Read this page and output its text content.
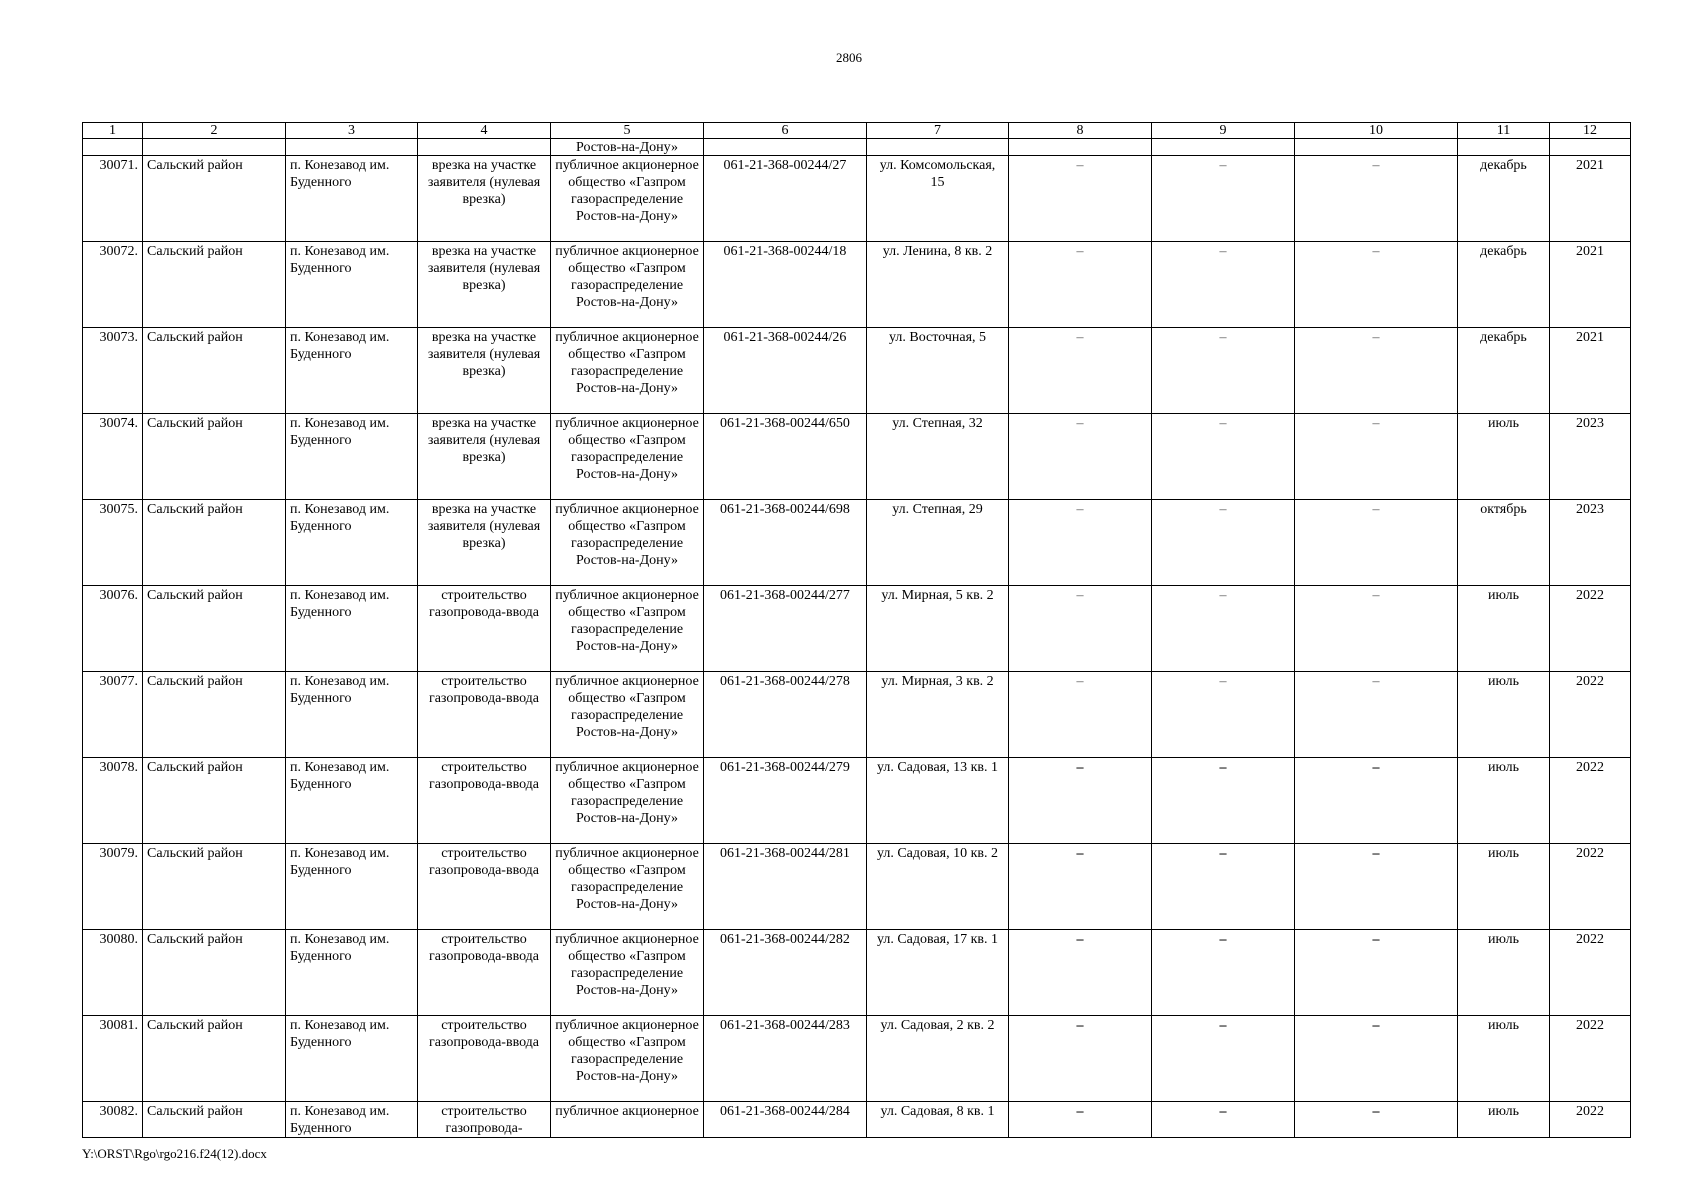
2806
1	2	3	4	5	6	7	8	9	10	11	12
				Ростов-на-Дону»							
30071.	Сальский район	п. Конезавод им. Буденного	врезка на участке заявителя (нулевая врезка)	публичное акционерное общество «Газпром газораспределение Ростов-на-Дону»	061-21-368-00244/27	ул. Комсомольская, 15	–	–	–	декабрь	2021
30072.	Сальский район	п. Конезавод им. Буденного	врезка на участке заявителя (нулевая врезка)	публичное акционерное общество «Газпром газораспределение Ростов-на-Дону»	061-21-368-00244/18	ул. Ленина, 8 кв. 2	–	–	–	декабрь	2021
30073.	Сальский район	п. Конезавод им. Буденного	врезка на участке заявителя (нулевая врезка)	публичное акционерное общество «Газпром газораспределение Ростов-на-Дону»	061-21-368-00244/26	ул. Восточная, 5	–	–	–	декабрь	2021
30074.	Сальский район	п. Конезавод им. Буденного	врезка на участке заявителя (нулевая врезка)	публичное акционерное общество «Газпром газораспределение Ростов-на-Дону»	061-21-368-00244/650	ул. Степная, 32	–	–	–	июль	2023
30075.	Сальский район	п. Конезавод им. Буденного	врезка на участке заявителя (нулевая врезка)	публичное акционерное общество «Газпром газораспределение Ростов-на-Дону»	061-21-368-00244/698	ул. Степная, 29	–	–	–	октябрь	2023
30076.	Сальский район	п. Конезавод им. Буденного	строительство газопровода-ввода	публичное акционерное общество «Газпром газораспределение Ростов-на-Дону»	061-21-368-00244/277	ул. Мирная, 5 кв. 2	–	–	–	июль	2022
30077.	Сальский район	п. Конезавод им. Буденного	строительство газопровода-ввода	публичное акционерное общество «Газпром газораспределение Ростов-на-Дону»	061-21-368-00244/278	ул. Мирная, 3 кв. 2	–	–	–	июль	2022
30078.	Сальский район	п. Конезавод им. Буденного	строительство газопровода-ввода	публичное акционерное общество «Газпром газораспределение Ростов-на-Дону»	061-21-368-00244/279	ул. Садовая, 13 кв. 1	–	–	–	июль	2022
30079.	Сальский район	п. Конезавод им. Буденного	строительство газопровода-ввода	публичное акционерное общество «Газпром газораспределение Ростов-на-Дону»	061-21-368-00244/281	ул. Садовая, 10 кв. 2	–	–	–	июль	2022
30080.	Сальский район	п. Конезавод им. Буденного	строительство газопровода-ввода	публичное акционерное общество «Газпром газораспределение Ростов-на-Дону»	061-21-368-00244/282	ул. Садовая, 17 кв. 1	–	–	–	июль	2022
30081.	Сальский район	п. Конезавод им. Буденного	строительство газопровода-ввода	публичное акционерное общество «Газпром газораспределение Ростов-на-Дону»	061-21-368-00244/283	ул. Садовая, 2 кв. 2	–	–	–	июль	2022
30082.	Сальский район	п. Конезавод им. Буденного	строительство газопровода-	публичное акционерное	061-21-368-00244/284	ул. Садовая, 8 кв. 1	–	–	–	июль	2022
Y:\ORST\Rgo\rgo216.f24(12).docx
